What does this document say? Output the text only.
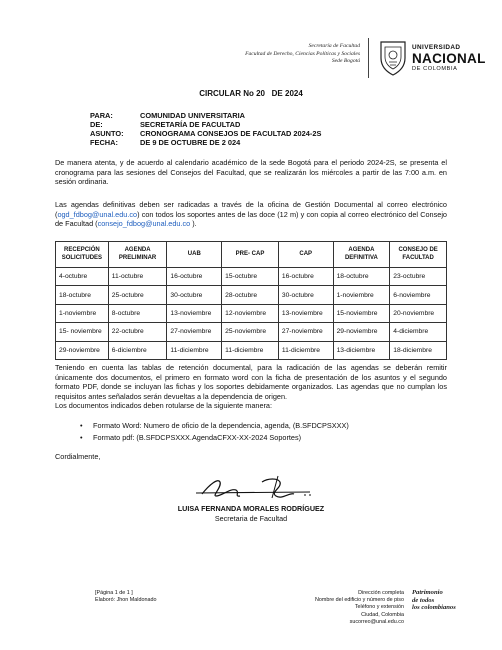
Secretaría de Facultad
Facultad de Derecho, Ciencias Políticas y Sociales
Sede Bogotá
UNIVERSIDAD
NACIONAL
DE COLOMBIA
CIRCULAR No 20   DE 2024
PARA:	COMUNIDAD UNIVERSITARIA
DE:	SECRETARÍA DE FACULTAD
ASUNTO: CRONOGRAMA CONSEJOS DE FACULTAD 2024-2S
FECHA:	DE 9 DE OCTUBRE DE 2 024
De manera atenta, y de acuerdo al calendario académico de la sede Bogotá para el periodo 2024-2S, se presenta el cronograma para las sesiones del Consejos del Facultad, que se realizarán los miércoles a partir de las 7:00 a.m. en sesión ordinaria.
Las agendas definitivas deben ser radicadas a través de la oficina de Gestión Documental al correo electrónico (ogd_fdbog@unal.edu.co) con todos los soportes antes de las doce (12 m) y con copia al correo electrónico del Consejo de Facultad (consejo_fdbog@unal.edu.co ).
RECEPCIÓN SOLICITUDES	AGENDA PRELIMINAR	UAB	PRE- CAP	CAP	AGENDA DEFINITIVA	CONSEJO DE FACULTAD
4-octubre	11-octubre	16-octubre	15-octubre	16-octubre	18-octubre	23-octubre
18-octubre	25-octubre	30-octubre	28-octubre	30-octubre	1-noviembre	6-noviembre
1-noviembre	8-octubre	13-noviembre	12-noviembre	13-noviembre	15-noviembre	20-noviembre
15- noviembre	22-octubre	27-noviembre	25-noviembre	27-noviembre	29-noviembre	4-diciembre
29-noviembre	6-diciembre	11-diciembre	11-diciembre	11-diciembre	13-diciembre	18-diciembre
Teniendo en cuenta las tablas de retención documental, para la radicación de las agendas se deberán remitir únicamente dos documentos, el primero en formato word con la ficha de presentación de los asuntos y el segundo formato PDF, donde se incluyan las fichas y los soportes debidamente organizados. Las agendas que no cumplan los requisitos antes señalados serán devueltas a la dependencia de origen.
Los documentos indicados deben rotularse de la siguiente manera:
• Formato Word: Numero de oficio de la dependencia, agenda, (B.SFDCPSXXX)
• Formato pdf: (B.SFDCPSXXX.AgendaCFXX-XX-2024 Soportes)
Cordialmente,
LUISA FERNANDA MORALES RODRÍGUEZ
Secretaria de Facultad
[Página 1 de 1 ]
Elaboró: Jhon Maldonado
Dirección completa
Nombre del edificio y número de piso
Teléfono y extensión
Ciudad, Colombia
sucorreo@unal.edu.co
Patrimonio
de todos
los colombianos
